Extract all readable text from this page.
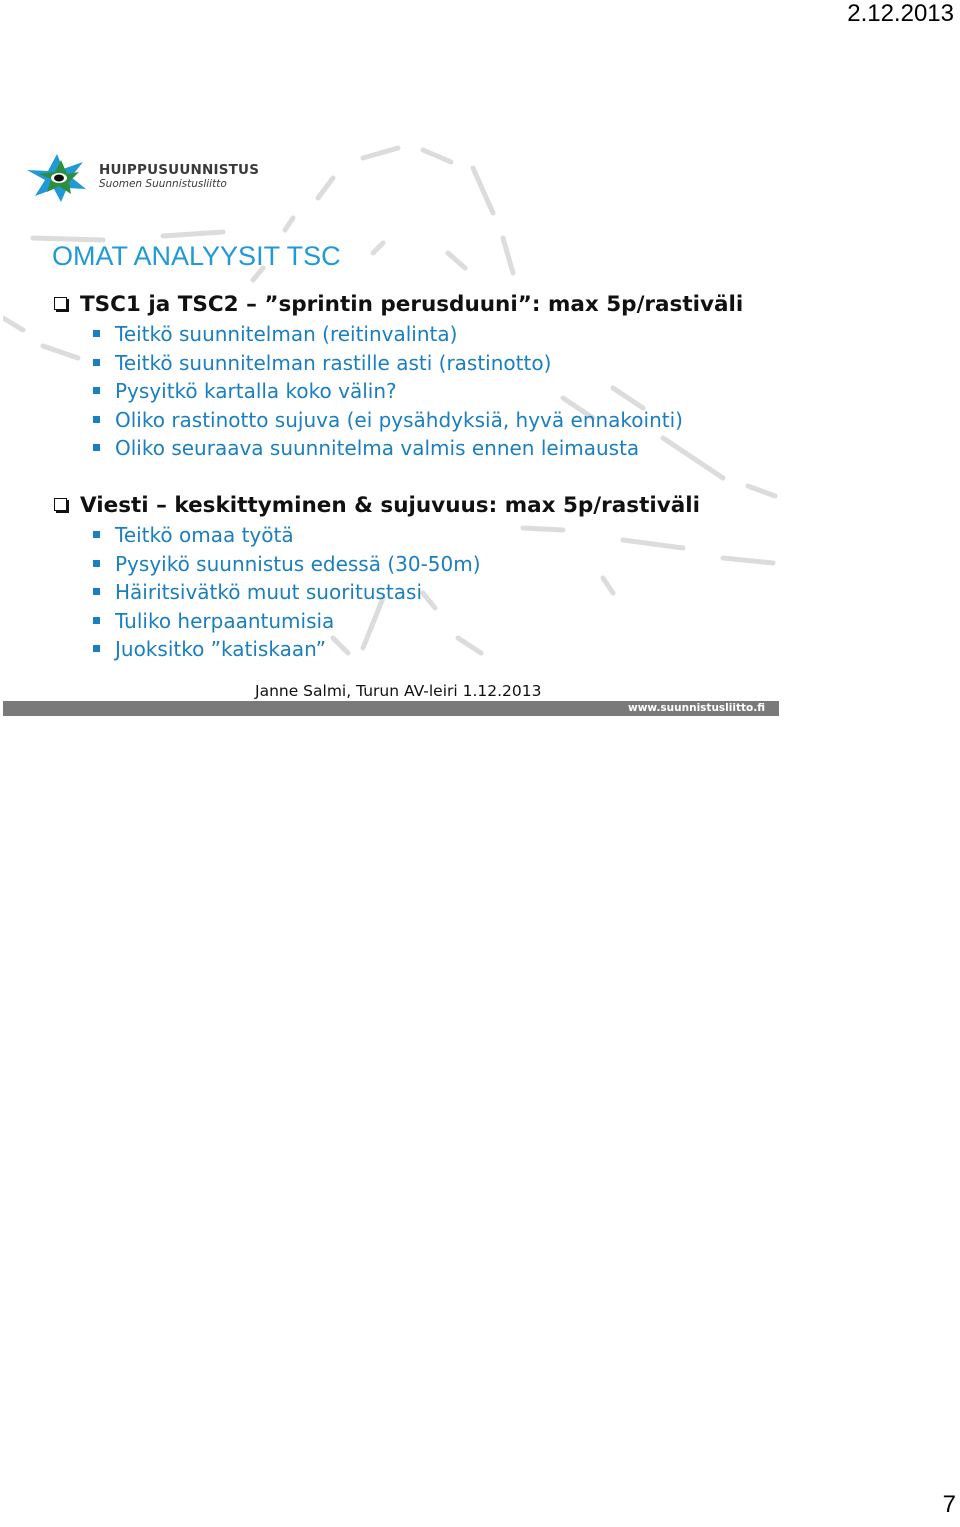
2.12.2013
HUIPPUSUUNNISTUS
Suomen Suunnistusliitto
OMAT ANALYYSIT TSC
TSC1 ja TSC2 – ”sprintin perusduuni”: max 5p/rastiväli
Teitkö suunnitelman (reitinvalinta)
Teitkö suunnitelman rastille asti (rastinotto)
Pysyitkö kartalla koko välin?
Oliko rastinotto sujuva (ei pysähdyksiä, hyvä ennakointi)
Oliko seuraava suunnitelma valmis ennen leimausta
Viesti – keskittyminen & sujuvuus: max 5p/rastiväli
Teitkö omaa työtä
Pysyikö suunnistus edessä (30-50m)
Häiritsivätkö muut suoritustasi
Tuliko herpaantumisia
Juoksitko ”katiskaan”
Janne Salmi, Turun AV-leiri 1.12.2013
www.suunnistusliitto.fi
7
